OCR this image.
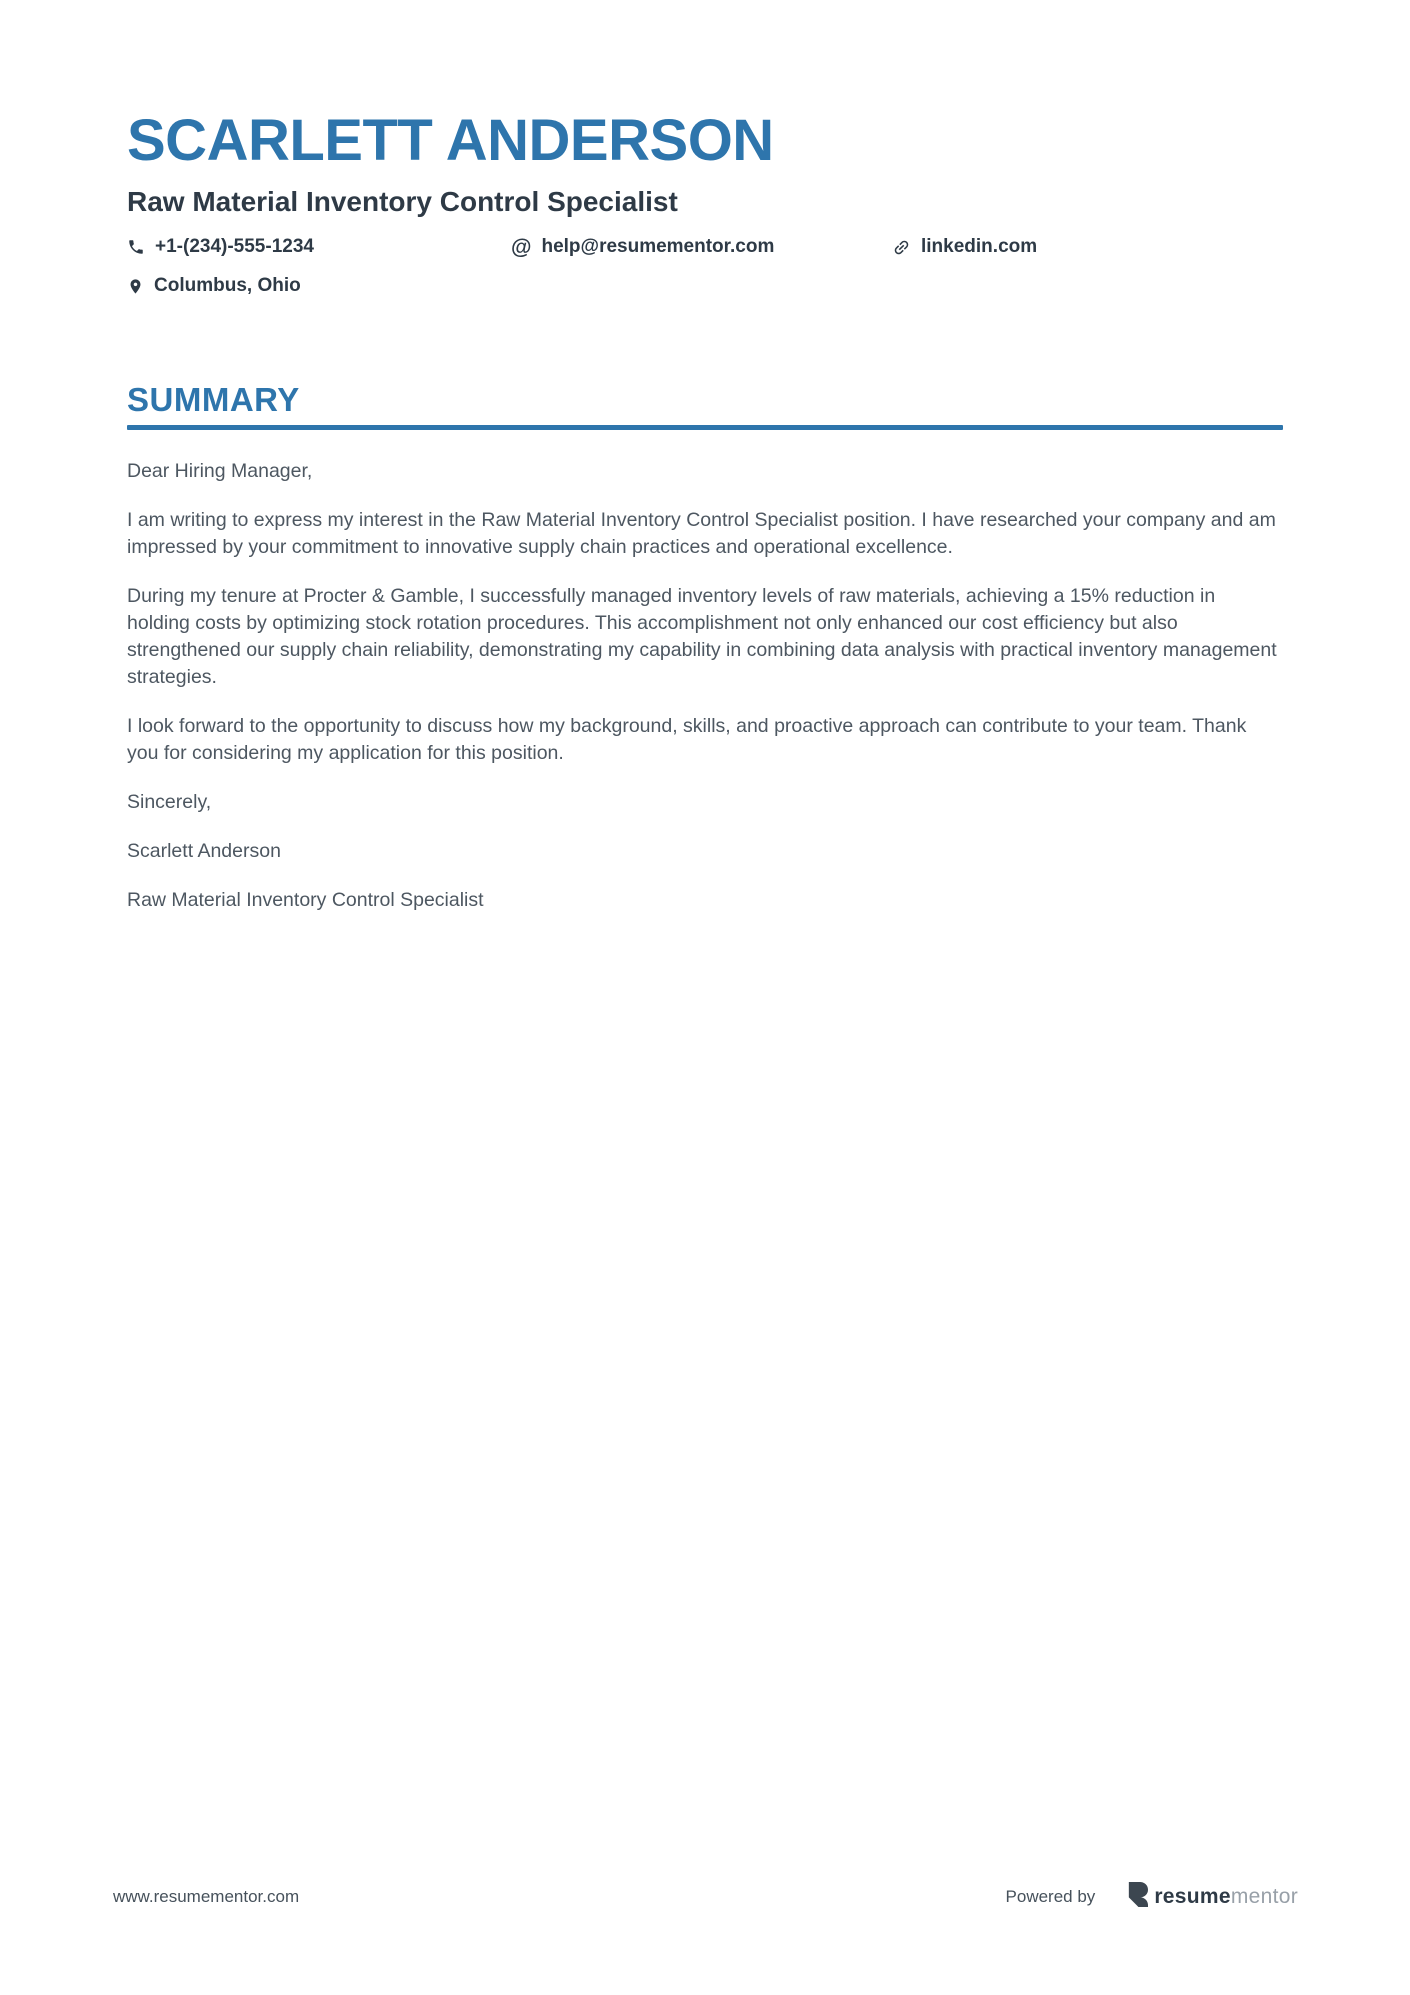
SCARLETT ANDERSON
Raw Material Inventory Control Specialist
+1-(234)-555-1234	@ help@resumementor.com	linkedin.com
Columbus, Ohio
SUMMARY

Dear Hiring Manager,

I am writing to express my interest in the Raw Material Inventory Control Specialist position. I have researched your company and am impressed by your commitment to innovative supply chain practices and operational excellence.

During my tenure at Procter & Gamble, I successfully managed inventory levels of raw materials, achieving a 15% reduction in holding costs by optimizing stock rotation procedures. This accomplishment not only enhanced our cost efficiency but also strengthened our supply chain reliability, demonstrating my capability in combining data analysis with practical inventory management strategies.

I look forward to the opportunity to discuss how my background, skills, and proactive approach can contribute to your team. Thank you for considering my application for this position.

Sincerely,

Scarlett Anderson

Raw Material Inventory Control Specialist

www.resumementor.com	Powered by	resumementor
